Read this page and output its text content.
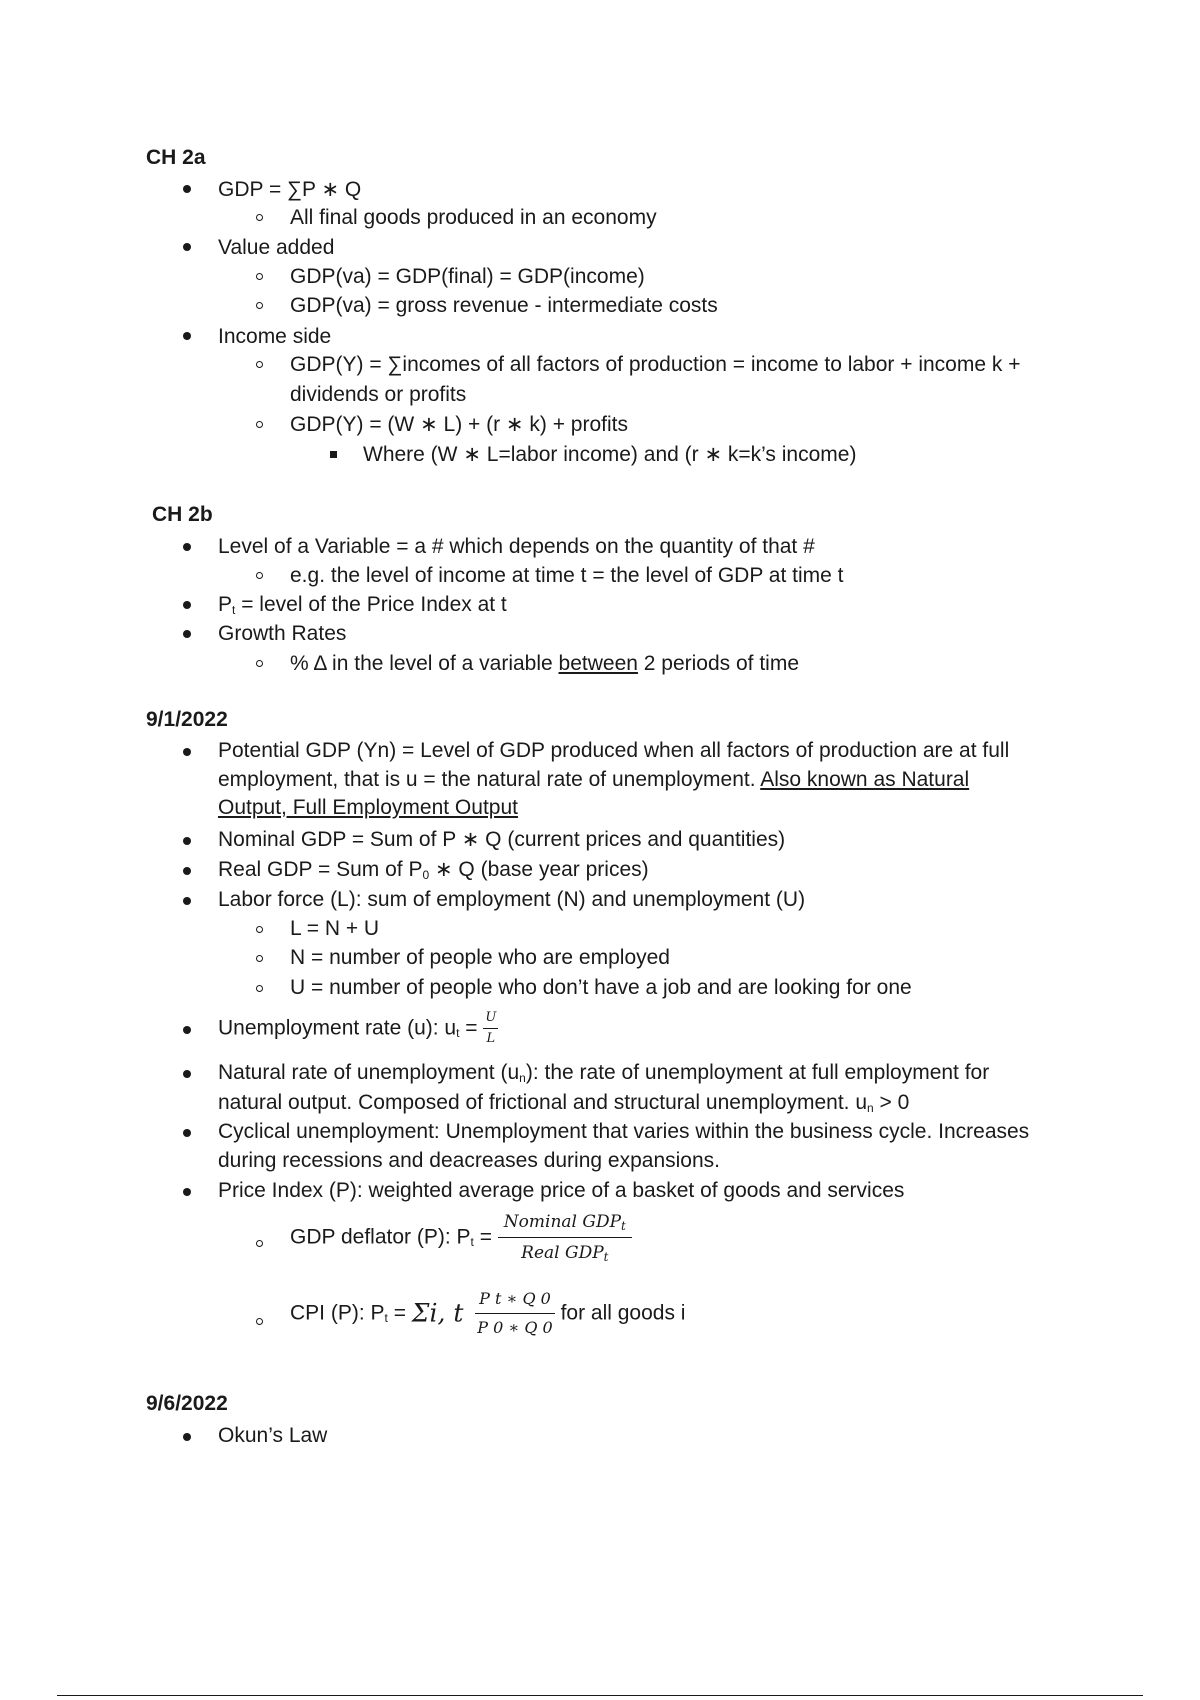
CH 2a
GDP = ∑P ∗ Q
All final goods produced in an economy
Value added
GDP(va) = GDP(final) = GDP(income)
GDP(va) = gross revenue - intermediate costs
Income side
GDP(Y) = ∑incomes of all factors of production = income to labor + income k +
dividends or profits
GDP(Y) = (W ∗ L) + (r ∗ k) + profits
Where (W ∗ L=labor income) and (r ∗ k=k’s income)
CH 2b
Level of a Variable = a # which depends on the quantity of that #
e.g. the level of income at time t = the level of GDP at time t
$P_t$ = level of the Price Index at t
Growth Rates
% Δ in the level of a variable between 2 periods of time
9/1/2022
Potential GDP (Yn) = Level of GDP produced when all factors of production are at full
employment, that is u = the natural rate of unemployment. Also known as Natural
Output, Full Employment Output
Nominal GDP = Sum of P ∗ Q (current prices and quantities)
Real GDP = Sum of $P_0$ ∗ Q (base year prices)
Labor force (L): sum of employment (N) and unemployment (U)
L = N + U
N = number of people who are employed
U = number of people who don’t have a job and are looking for one
Unemployment rate (u): $u_t = \frac{U}{L}$
Natural rate of unemployment $(u_n)$: the rate of unemployment at full employment for
natural output. Composed of frictional and structural unemployment. $u_n > 0$
Cyclical unemployment: Unemployment that varies within the business cycle. Increases
during recessions and deacreases during expansions.
Price Index (P): weighted average price of a basket of goods and services
GDP deflator (P): $P_t = \frac{Nominal GDP_t}{Real GDP_t}$
CPI (P): $P_t = \Sigma i$, t $\frac{\text{P t ∗ Q 0}}{P 0 ∗ Q 0}$ for all goods i
9/6/2022
Okun’s Law
